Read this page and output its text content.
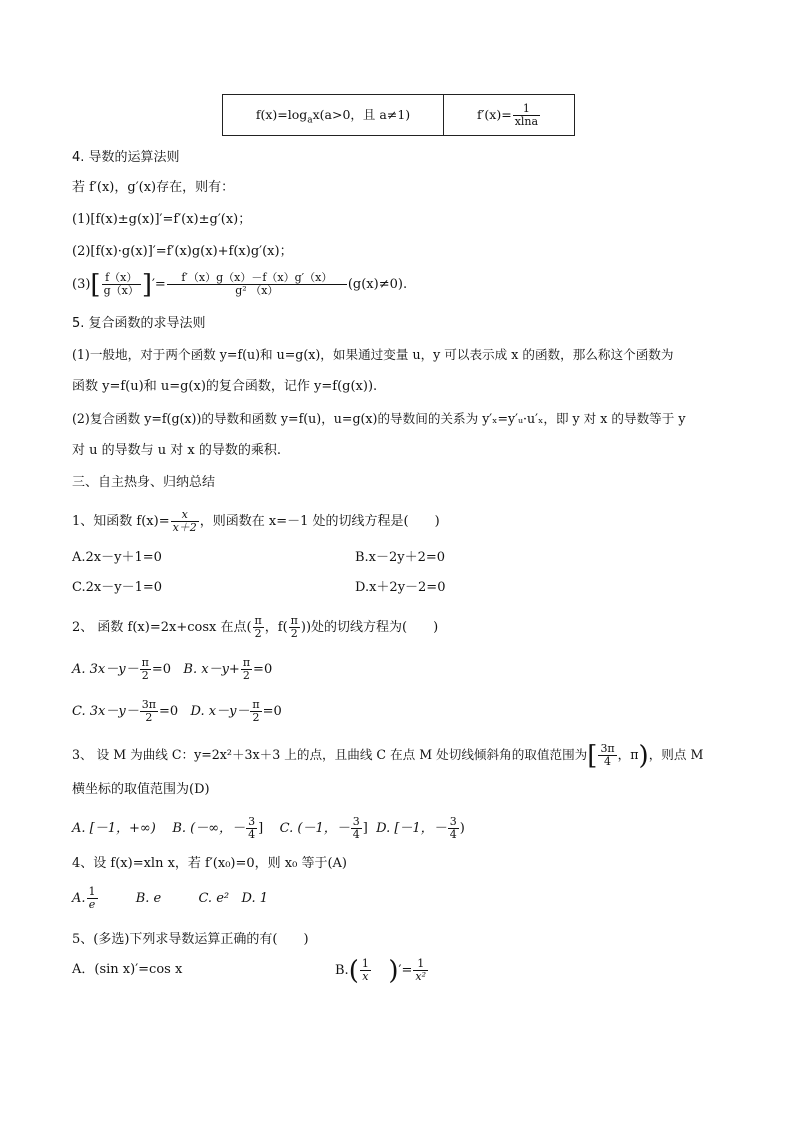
$f(x)=\log_ax(a>0$，且 a≠1)	$f'(x)= \frac{1}{xlna}$
4. 导数的运算法则
若 f′(x)，g′(x)存在，则有：
(1)[f(x)±g(x)]′=f′(x)±g′(x)；
(2)[f(x)·g(x)]′=f′(x)g(x)+f(x)g′(x)；
$(3)[ \frac{f(x)}{g(x)}$ ]′= $\frac{f'(x)g(x)-f(x)g'(x)}{\text{g² （x）}} (g(x)\ne 0)$.
5. 复合函数的求导法则
(1)一般地，对于两个函数 y=f(u)和 u=g(x)，如果通过变量 u，y 可以表示成 x 的函数，那么称这个函数为
函数 y=f(u)和 u=g(x)的复合函数，记作 y=f(g(x)).
(2)复合函数 y=f(g(x))的导数和函数 y=f(u)，u=g(x)的导数间的关系为 y′ₓ=y′ᵤ·u′ₓ，即 y 对 x 的导数等于 y
对 u 的导数与 u 对 x 的导数的乘积.
三、自主热身、归纳总结
1、知函数 $f(x)= \frac{x}{x+2}$ ，则函数在 x=－1 处的切线方程是(　　)
A.2x－y＋1=0	B.x－2y＋2=0
C.2x－y－1=0	D.x＋2y－2=0
2、 函数 f(x)=2x+cosx 在点( $\frac{\pi}{2}$ ，$f( \frac{\pi}{2}$ ))处的切线方程为(　　)
A. $3x-y- \frac{\pi}{2} =0$ B. $x-y+ \frac{\pi}{2} =0$
C. $3x-y- \frac{3\pi}{2} =0$ D. $x-y- \frac{\pi}{2} =0$
3、 设 M 为曲线 C：y=2x²＋3x＋3 上的点，且曲线 C 在点 M 处切线倾斜角的取值范围为[ $\frac{3\pi}{4}$ ，π)，则点 M
横坐标的取值范围为(D)
A. [－1，+∞) B. (－∞，－ $\frac{3}{4}$ ] C. (－1，－ $\frac{3}{4}$ ] D. [－1，－ $\frac{3}{4}$ )
4、设 f(x)=xln x，若 f′(x₀)=0，则 x₀ 等于(A)
A. $\frac{1}{e}$	B. e	C. e² D. 1
5、(多选)下列求导数运算正确的有(　　)
A．(sin x)′=cos x	$B.( \frac{1}{x}$ )′= $\frac{1}{\text{x²}}$
